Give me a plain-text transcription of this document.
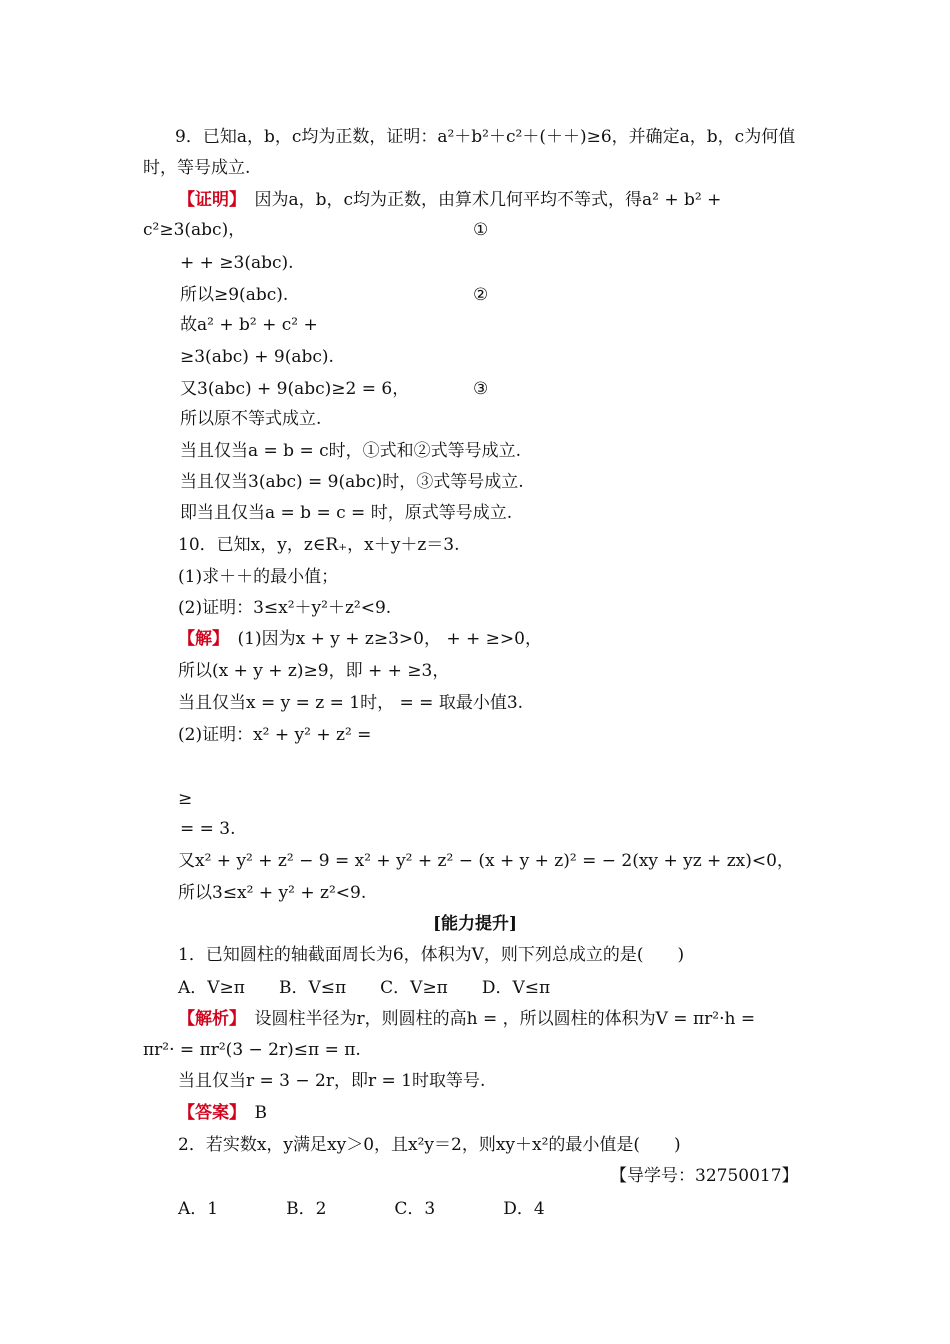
9．已知a，b，c均为正数，证明：a²＋b²＋c²＋(＋＋)≥6，并确定a，b，c为何值
时，等号成立.
【证明】　因为a，b，c均为正数，由算术几何平均不等式，得a² + b² +
c²≥3(abc)，	①
+ + ≥3(abc).
所以≥9(abc).	②
故a² + b² + c² +
≥3(abc) + 9(abc).
又3(abc) + 9(abc)≥2 = 6，	③
所以原不等式成立.
当且仅当a = b = c时，①式和②式等号成立.
当且仅当3(abc) = 9(abc)时，③式等号成立.
即当且仅当a = b = c = 时，原式等号成立.
10．已知x，y，z∈R₊，x＋y＋z＝3.
(1)求＋＋的最小值；
(2)证明：3≤x²＋y²＋z²<9.
【解】　(1)因为x + y + z≥3>0， + + ≥>0，
所以(x + y + z)≥9，即 + + ≥3，
当且仅当x = y = z = 1时， = = 取最小值3.
(2)证明：x² + y² + z² =
≥
= = 3.
又x² + y² + z² − 9 = x² + y² + z² − (x + y + z)² = − 2(xy + yz + zx)<0，
所以3≤x² + y² + z²<9.
[能力提升]
1．已知圆柱的轴截面周长为6，体积为V，则下列总成立的是(　　)
A．V≥π　　B．V≤π　　C．V≥π　　D．V≤π
【解析】　设圆柱半径为r，则圆柱的高h = ，所以圆柱的体积为V = πr²·h =
πr²· = πr²(3 − 2r)≤π = π.
当且仅当r = 3 − 2r，即r = 1时取等号.
【答案】　B
2．若实数x，y满足xy＞0，且x²y＝2，则xy＋x²的最小值是(　　)
【导学号：32750017】
A．1　　　　B．2　　　　C．3　　　　D．4
